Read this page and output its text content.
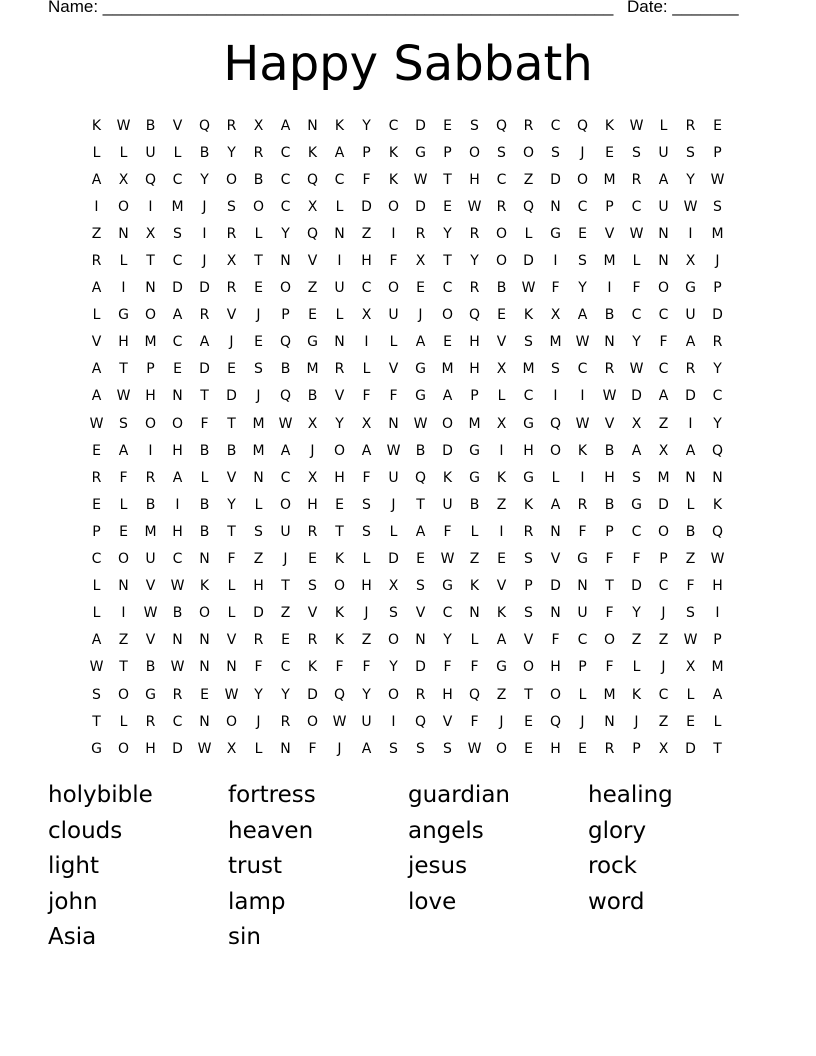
Name: ______________________________________________________ Date: _______
Happy Sabbath
K	W	B	V	Q	R	X	A	N	K	Y	C	D	E	S	Q	R	C	Q	K	W	L	R	E
L	L	U	L	B	Y	R	C	K	A	P	K	G	P	O	S	O	S	J	E	S	U	S	P
A	X	Q	C	Y	O	B	C	Q	C	F	K	W	T	H	C	Z	D	O	M	R	A	Y	W
I	O	I	M	J	S	O	C	X	L	D	O	D	E	W	R	Q	N	C	P	C	U	W	S
Z	N	X	S	I	R	L	Y	Q	N	Z	I	R	Y	R	O	L	G	E	V	W	N	I	M
R	L	T	C	J	X	T	N	V	I	H	F	X	T	Y	O	D	I	S	M	L	N	X	J
A	I	N	D	D	R	E	O	Z	U	C	O	E	C	R	B	W	F	Y	I	F	O	G	P
L	G	O	A	R	V	J	P	E	L	X	U	J	O	Q	E	K	X	A	B	C	C	U	D
V	H	M	C	A	J	E	Q	G	N	I	L	A	E	H	V	S	M	W	N	Y	F	A	R
A	T	P	E	D	E	S	B	M	R	L	V	G	M	H	X	M	S	C	R	W	C	R	Y
A	W	H	N	T	D	J	Q	B	V	F	F	G	A	P	L	C	I	I	W	D	A	D	C
W	S	O	O	F	T	M	W	X	Y	X	N	W	O	M	X	G	Q	W	V	X	Z	I	Y
E	A	I	H	B	B	M	A	J	O	A	W	B	D	G	I	H	O	K	B	A	X	A	Q
R	F	R	A	L	V	N	C	X	H	F	U	Q	K	G	K	G	L	I	H	S	M	N	N
E	L	B	I	B	Y	L	O	H	E	S	J	T	U	B	Z	K	A	R	B	G	D	L	K
P	E	M	H	B	T	S	U	R	T	S	L	A	F	L	I	R	N	F	P	C	O	B	Q
C	O	U	C	N	F	Z	J	E	K	L	D	E	W	Z	E	S	V	G	F	F	P	Z	W
L	N	V	W	K	L	H	T	S	O	H	X	S	G	K	V	P	D	N	T	D	C	F	H
L	I	W	B	O	L	D	Z	V	K	J	S	V	C	N	K	S	N	U	F	Y	J	S	I
A	Z	V	N	N	V	R	E	R	K	Z	O	N	Y	L	A	V	F	C	O	Z	Z	W	P
W	T	B	W	N	N	F	C	K	F	F	Y	D	F	F	G	O	H	P	F	L	J	X	M
S	O	G	R	E	W	Y	Y	D	Q	Y	O	R	H	Q	Z	T	O	L	M	K	C	L	A
T	L	R	C	N	O	J	R	O	W	U	I	Q	V	F	J	E	Q	J	N	J	Z	E	L
G	O	H	D	W	X	L	N	F	J	A	S	S	S	W	O	E	H	E	R	P	X	D	T
holybible	fortress	guardian	healing
clouds	heaven	angels	glory
light	trust	jesus	rock
john	lamp	love	word
Asia	sin
